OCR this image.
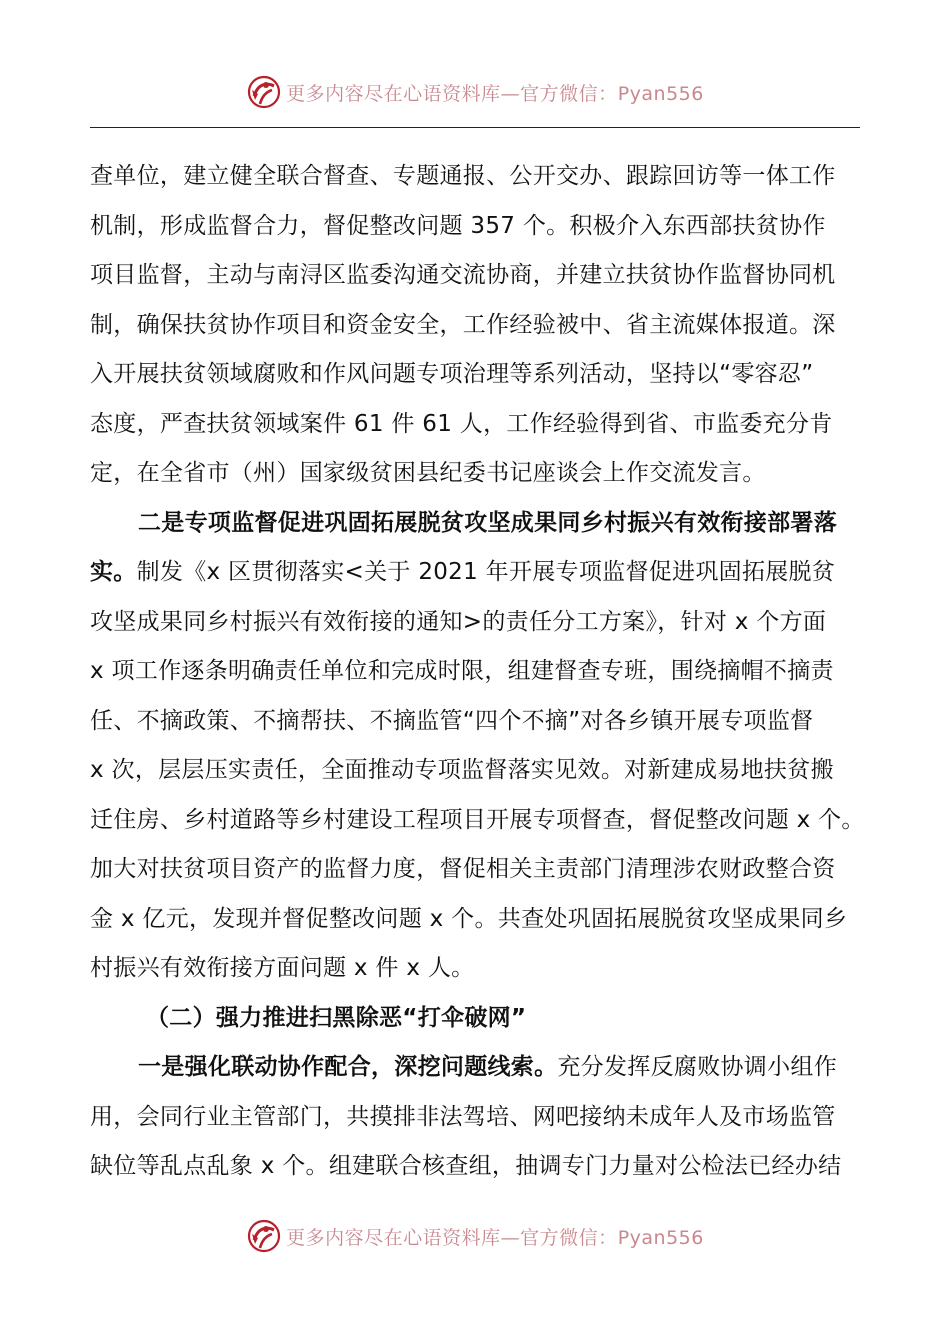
更多内容尽在心语资料库—官方微信：Pyan556
查单位，建立健全联合督查、专题通报、公开交办、跟踪回访等一体工作
机制，形成监督合力，督促整改问题 357 个。积极介入东西部扶贫协作
项目监督，主动与南浔区监委沟通交流协商，并建立扶贫协作监督协同机
制，确保扶贫协作项目和资金安全，工作经验被中、省主流媒体报道。深
入开展扶贫领域腐败和作风问题专项治理等系列活动，坚持以“零容忍”
态度，严查扶贫领域案件 61 件 61 人，工作经验得到省、市监委充分肯
定，在全省市（州）国家级贫困县纪委书记座谈会上作交流发言。
二是专项监督促进巩固拓展脱贫攻坚成果同乡村振兴有效衔接部署落
实。制发《x 区贯彻落实<关于 2021 年开展专项监督促进巩固拓展脱贫
攻坚成果同乡村振兴有效衔接的通知>的责任分工方案》，针对 x 个方面
x 项工作逐条明确责任单位和完成时限，组建督查专班，围绕摘帽不摘责
任、不摘政策、不摘帮扶、不摘监管“四个不摘”对各乡镇开展专项监督
x 次，层层压实责任，全面推动专项监督落实见效。对新建成易地扶贫搬
迁住房、乡村道路等乡村建设工程项目开展专项督查，督促整改问题 x 个。
加大对扶贫项目资产的监督力度，督促相关主责部门清理涉农财政整合资
金 x 亿元，发现并督促整改问题 x 个。共查处巩固拓展脱贫攻坚成果同乡
村振兴有效衔接方面问题 x 件 x 人。
（二）强力推进扫黑除恶“打伞破网”
一是强化联动协作配合，深挖问题线索。充分发挥反腐败协调小组作
用，会同行业主管部门，共摸排非法驾培、网吧接纳未成年人及市场监管
缺位等乱点乱象 x 个。组建联合核查组，抽调专门力量对公检法已经办结
更多内容尽在心语资料库—官方微信：Pyan556
